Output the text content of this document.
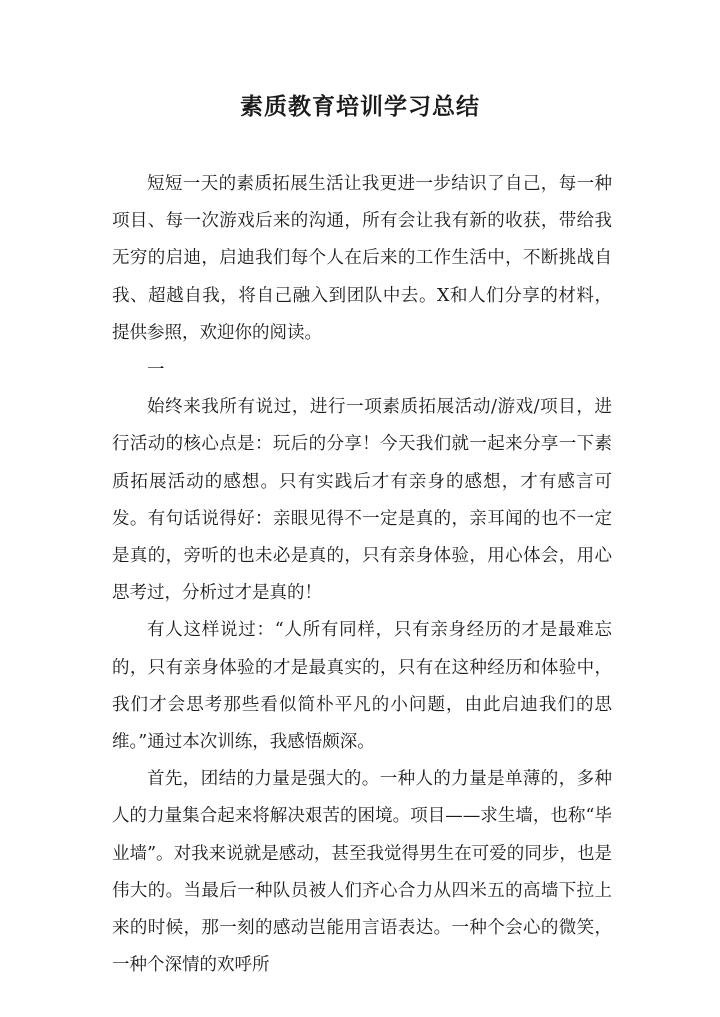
素质教育培训学习总结

短短一天的素质拓展生活让我更进一步结识了自己，每一种项目、每一次游戏后来的沟通，所有会让我有新的收获，带给我无穷的启迪，启迪我们每个人在后来的工作生活中，不断挑战自我、超越自我，将自己融入到团队中去。X和人们分享的材料，提供参照，欢迎你的阅读。

一

始终来我所有说过，进行一项素质拓展活动/游戏/项目，进行活动的核心点是：玩后的分享！今天我们就一起来分享一下素质拓展活动的感想。只有实践后才有亲身的感想，才有感言可发。有句话说得好：亲眼见得不一定是真的，亲耳闻的也不一定是真的，旁听的也未必是真的，只有亲身体验，用心体会，用心思考过，分析过才是真的！

有人这样说过：“人所有同样，只有亲身经历的才是最难忘的，只有亲身体验的才是最真实的，只有在这种经历和体验中，我们才会思考那些看似简朴平凡的小问题，由此启迪我们的思维。”通过本次训练，我感悟颇深。

首先，团结的力量是强大的。一种人的力量是单薄的，多种人的力量集合起来将解决艰苦的困境。项目——求生墙，也称“毕业墙”。对我来说就是感动，甚至我觉得男生在可爱的同步，也是伟大的。当最后一种队员被人们齐心合力从四米五的高墙下拉上来的时候，那一刻的感动岂能用言语表达。一种个会心的微笑，一种个深情的欢呼所
